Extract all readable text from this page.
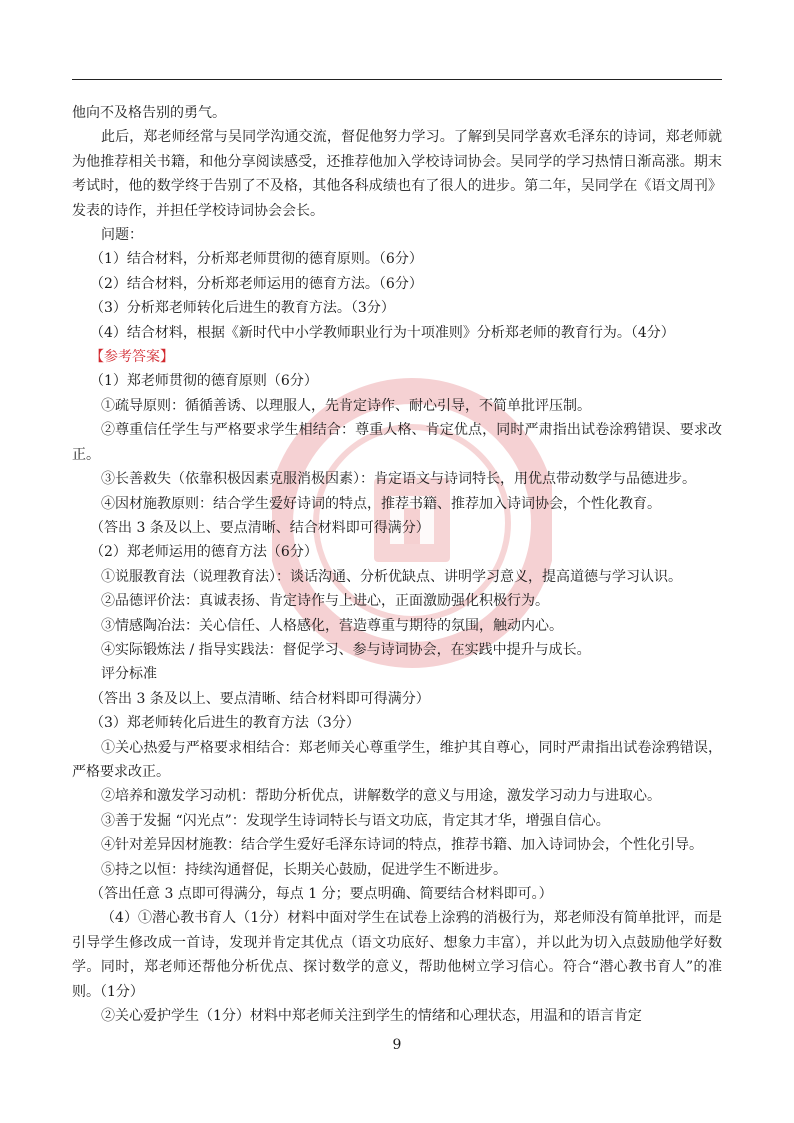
他向不及格告别的勇气。

此后，郑老师经常与吴同学沟通交流，督促他努力学习。了解到吴同学喜欢毛泽东的诗词，郑老师就为他推荐相关书籍，和他分享阅读感受，还推荐他加入学校诗词协会。吴同学的学习热情日渐高涨。期末考试时，他的数学终于告别了不及格，其他各科成绩也有了很人的进步。第二年，吴同学在《语文周刊》发表的诗作，并担任学校诗词协会会长。

问题：

（1）结合材料，分析郑老师贯彻的德育原则。（6分）

（2）结合材料，分析郑老师运用的德育方法。（6分）

（3）分析郑老师转化后进生的教育方法。（3分）

（4）结合材料，根据《新时代中小学教师职业行为十项准则》分析郑老师的教育行为。（4分）

【参考答案】

（1）郑老师贯彻的德育原则（6分）

①疏导原则：循循善诱、以理服人，先肯定诗作、耐心引导，不简单批评压制。

②尊重信任学生与严格要求学生相结合：尊重人格、肯定优点，同时严肃指出试卷涂鸦错误、要求改正。

③长善救失（依靠积极因素克服消极因素）：肯定语文与诗词特长，用优点带动数学与品德进步。

④因材施教原则：结合学生爱好诗词的特点，推荐书籍、推荐加入诗词协会，个性化教育。

（答出 3 条及以上、要点清晰、结合材料即可得满分）

（2）郑老师运用的德育方法（6分）

①说服教育法（说理教育法）：谈话沟通、分析优缺点、讲明学习意义，提高道德与学习认识。

②品德评价法：真诚表扬、肯定诗作与上进心，正面激励强化积极行为。

③情感陶冶法：关心信任、人格感化，营造尊重与期待的氛围，触动内心。

④实际锻炼法 / 指导实践法：督促学习、参与诗词协会，在实践中提升与成长。

评分标准

（答出 3 条及以上、要点清晰、结合材料即可得满分）

（3）郑老师转化后进生的教育方法（3分）

①关心热爱与严格要求相结合：郑老师关心尊重学生，维护其自尊心，同时严肃指出试卷涂鸦错误，严格要求改正。

②培养和激发学习动机：帮助分析优点，讲解数学的意义与用途，激发学习动力与进取心。

③善于发掘 “闪光点”：发现学生诗词特长与语文功底，肯定其才华，增强自信心。

④针对差异因材施教：结合学生爱好毛泽东诗词的特点，推荐书籍、加入诗词协会，个性化引导。

⑤持之以恒：持续沟通督促，长期关心鼓励，促进学生不断进步。

（答出任意 3 点即可得满分，每点 1 分；要点明确、简要结合材料即可。）

（4）①潜心教书育人（1分）材料中面对学生在试卷上涂鸦的消极行为，郑老师没有简单批评，而是引导学生修改成一首诗，发现并肯定其优点（语文功底好、想象力丰富），并以此为切入点鼓励他学好数学。同时，郑老师还帮他分析优点、探讨数学的意义，帮助他树立学习信心。符合“潜心教书育人”的准则。（1分）

②关心爱护学生（1分）材料中郑老师关注到学生的情绪和心理状态，用温和的语言肯定

9
